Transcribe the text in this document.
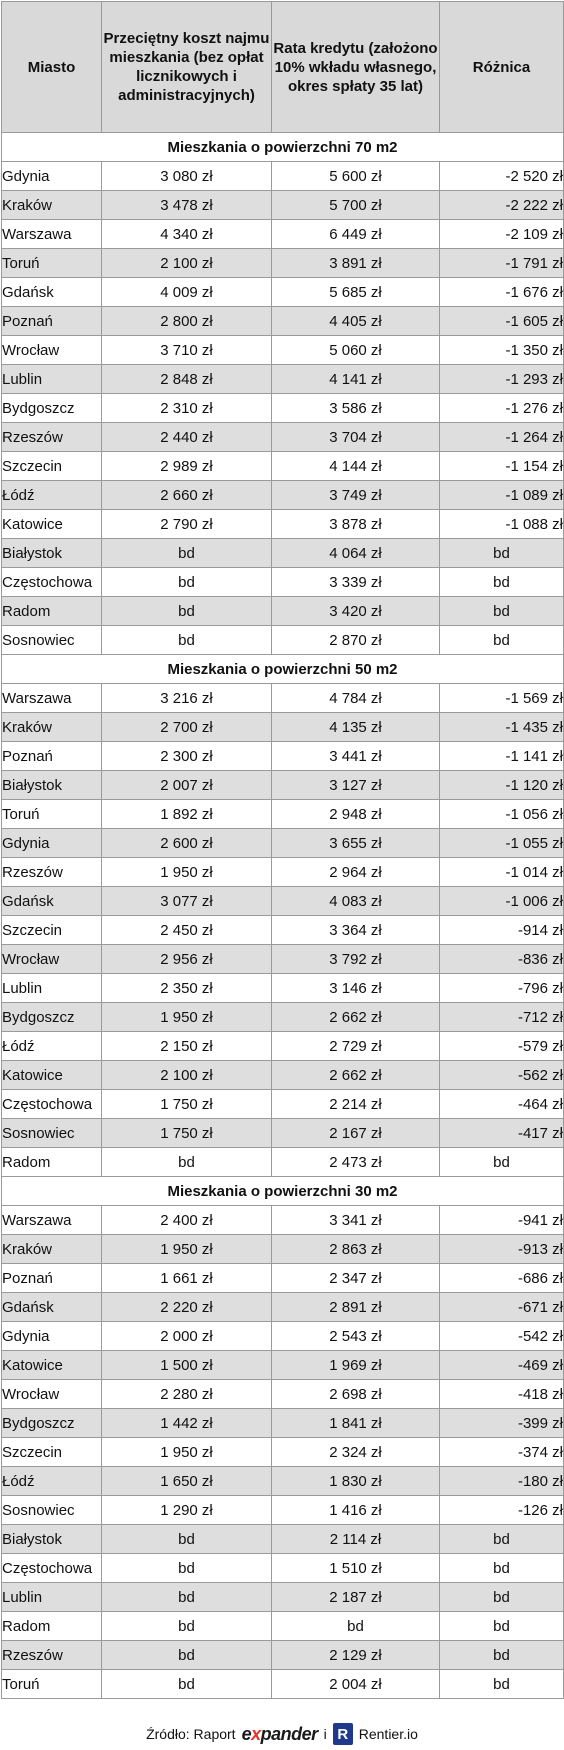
Miasto	Przeciętny koszt najmu mieszkania (bez opłat licznikowych i administracyjnych)	Rata kredytu (założono 10% wkładu własnego, okres spłaty 35 lat)	Różnica
Mieszkania o powierzchni 70 m2			
Gdynia	3 080 zł	5 600 zł	-2 520 zł
Kraków	3 478 zł	5 700 zł	-2 222 zł
Warszawa	4 340 zł	6 449 zł	-2 109 zł
Toruń	2 100 zł	3 891 zł	-1 791 zł
Gdańsk	4 009 zł	5 685 zł	-1 676 zł
Poznań	2 800 zł	4 405 zł	-1 605 zł
Wrocław	3 710 zł	5 060 zł	-1 350 zł
Lublin	2 848 zł	4 141 zł	-1 293 zł
Bydgoszcz	2 310 zł	3 586 zł	-1 276 zł
Rzeszów	2 440 zł	3 704 zł	-1 264 zł
Szczecin	2 989 zł	4 144 zł	-1 154 zł
Łódź	2 660 zł	3 749 zł	-1 089 zł
Katowice	2 790 zł	3 878 zł	-1 088 zł
Białystok	bd	4 064 zł	bd
Częstochowa	bd	3 339 zł	bd
Radom	bd	3 420 zł	bd
Sosnowiec	bd	2 870 zł	bd
Mieszkania o powierzchni 50 m2			
Warszawa	3 216 zł	4 784 zł	-1 569 zł
Kraków	2 700 zł	4 135 zł	-1 435 zł
Poznań	2 300 zł	3 441 zł	-1 141 zł
Białystok	2 007 zł	3 127 zł	-1 120 zł
Toruń	1 892 zł	2 948 zł	-1 056 zł
Gdynia	2 600 zł	3 655 zł	-1 055 zł
Rzeszów	1 950 zł	2 964 zł	-1 014 zł
Gdańsk	3 077 zł	4 083 zł	-1 006 zł
Szczecin	2 450 zł	3 364 zł	-914 zł
Wrocław	2 956 zł	3 792 zł	-836 zł
Lublin	2 350 zł	3 146 zł	-796 zł
Bydgoszcz	1 950 zł	2 662 zł	-712 zł
Łódź	2 150 zł	2 729 zł	-579 zł
Katowice	2 100 zł	2 662 zł	-562 zł
Częstochowa	1 750 zł	2 214 zł	-464 zł
Sosnowiec	1 750 zł	2 167 zł	-417 zł
Radom	bd	2 473 zł	bd
Mieszkania o powierzchni 30 m2			
Warszawa	2 400 zł	3 341 zł	-941 zł
Kraków	1 950 zł	2 863 zł	-913 zł
Poznań	1 661 zł	2 347 zł	-686 zł
Gdańsk	2 220 zł	2 891 zł	-671 zł
Gdynia	2 000 zł	2 543 zł	-542 zł
Katowice	1 500 zł	1 969 zł	-469 zł
Wrocław	2 280 zł	2 698 zł	-418 zł
Bydgoszcz	1 442 zł	1 841 zł	-399 zł
Szczecin	1 950 zł	2 324 zł	-374 zł
Łódź	1 650 zł	1 830 zł	-180 zł
Sosnowiec	1 290 zł	1 416 zł	-126 zł
Białystok	bd	2 114 zł	bd
Częstochowa	bd	1 510 zł	bd
Lublin	bd	2 187 zł	bd
Radom	bd	bd	bd
Rzeszów	bd	2 129 zł	bd
Toruń	bd	2 004 zł	bd
Źródło: Raport expander i R Rentier.io
